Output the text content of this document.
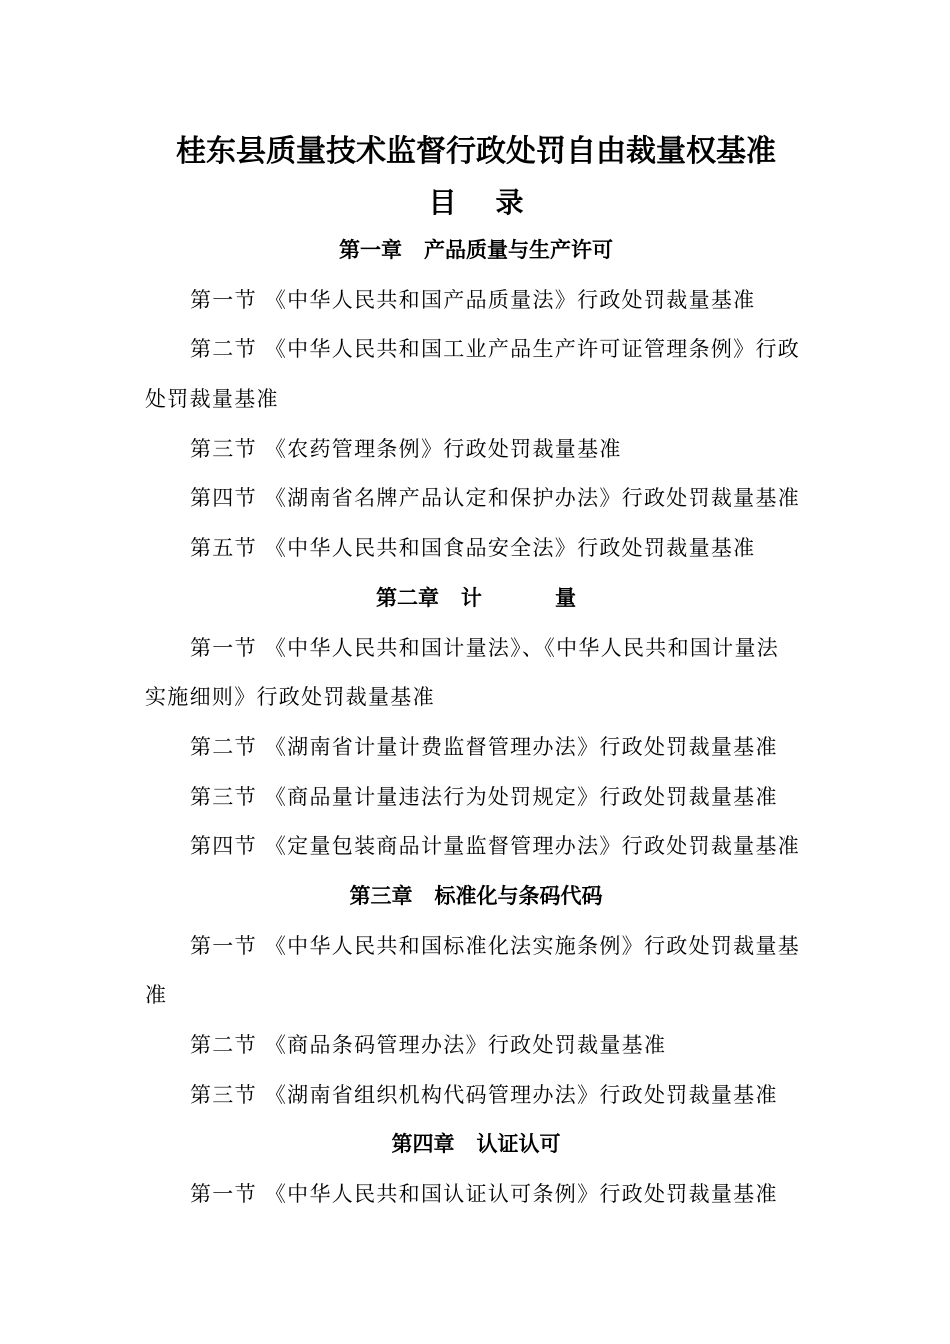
桂东县质量技术监督行政处罚自由裁量权基准
目    录
第一章   产品质量与生产许可
第一节 《中华人民共和国产品质量法》行政处罚裁量基准
第二节 《中华人民共和国工业产品生产许可证管理条例》行政
处罚裁量基准
第三节 《农药管理条例》行政处罚裁量基准
第四节 《湖南省名牌产品认定和保护办法》行政处罚裁量基准
第五节 《中华人民共和国食品安全法》行政处罚裁量基准
第二章   计          量
第一节 《中华人民共和国计量法》、《中华人民共和国计量法
实施细则》行政处罚裁量基准
第二节 《湖南省计量计费监督管理办法》行政处罚裁量基准
第三节 《商品量计量违法行为处罚规定》行政处罚裁量基准
第四节 《定量包装商品计量监督管理办法》行政处罚裁量基准
第三章   标准化与条码代码
第一节 《中华人民共和国标准化法实施条例》行政处罚裁量基
准
第二节 《商品条码管理办法》行政处罚裁量基准
第三节 《湖南省组织机构代码管理办法》行政处罚裁量基准
第四章   认证认可
第一节 《中华人民共和国认证认可条例》行政处罚裁量基准
